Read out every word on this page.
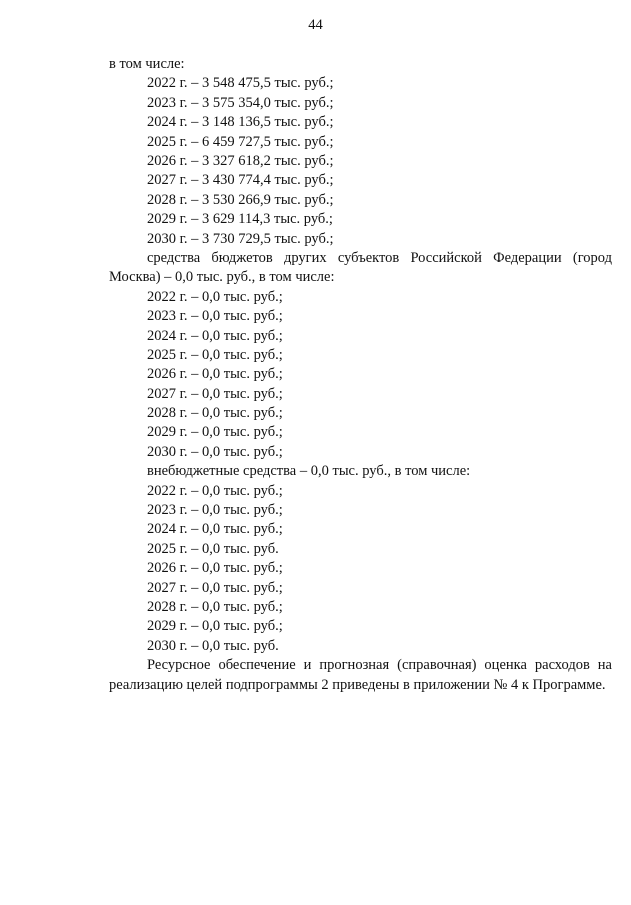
44
в том числе:
2022 г. – 3 548 475,5 тыс. руб.;
2023 г. – 3 575 354,0 тыс. руб.;
2024 г. – 3 148 136,5 тыс. руб.;
2025 г. – 6 459 727,5 тыс. руб.;
2026 г. – 3 327 618,2 тыс. руб.;
2027 г. – 3 430 774,4 тыс. руб.;
2028 г. – 3 530 266,9 тыс. руб.;
2029 г. – 3 629 114,3 тыс. руб.;
2030 г. – 3 730 729,5 тыс. руб.;
средства бюджетов других субъектов Российской Федерации (город Москва) – 0,0 тыс. руб., в том числе:
2022 г. – 0,0 тыс. руб.;
2023 г. – 0,0 тыс. руб.;
2024 г. – 0,0 тыс. руб.;
2025 г. – 0,0 тыс. руб.;
2026 г. – 0,0 тыс. руб.;
2027 г. – 0,0 тыс. руб.;
2028 г. – 0,0 тыс. руб.;
2029 г. – 0,0 тыс. руб.;
2030 г. – 0,0 тыс. руб.;
внебюджетные средства – 0,0 тыс. руб., в том числе:
2022 г. – 0,0 тыс. руб.;
2023 г. – 0,0 тыс. руб.;
2024 г. – 0,0 тыс. руб.;
2025 г. – 0,0 тыс. руб.
2026 г. – 0,0 тыс. руб.;
2027 г. – 0,0 тыс. руб.;
2028 г. – 0,0 тыс. руб.;
2029 г. – 0,0 тыс. руб.;
2030 г. – 0,0 тыс. руб.
Ресурсное обеспечение и прогнозная (справочная) оценка расходов на реализацию целей подпрограммы 2 приведены в приложении № 4 к Программе.
